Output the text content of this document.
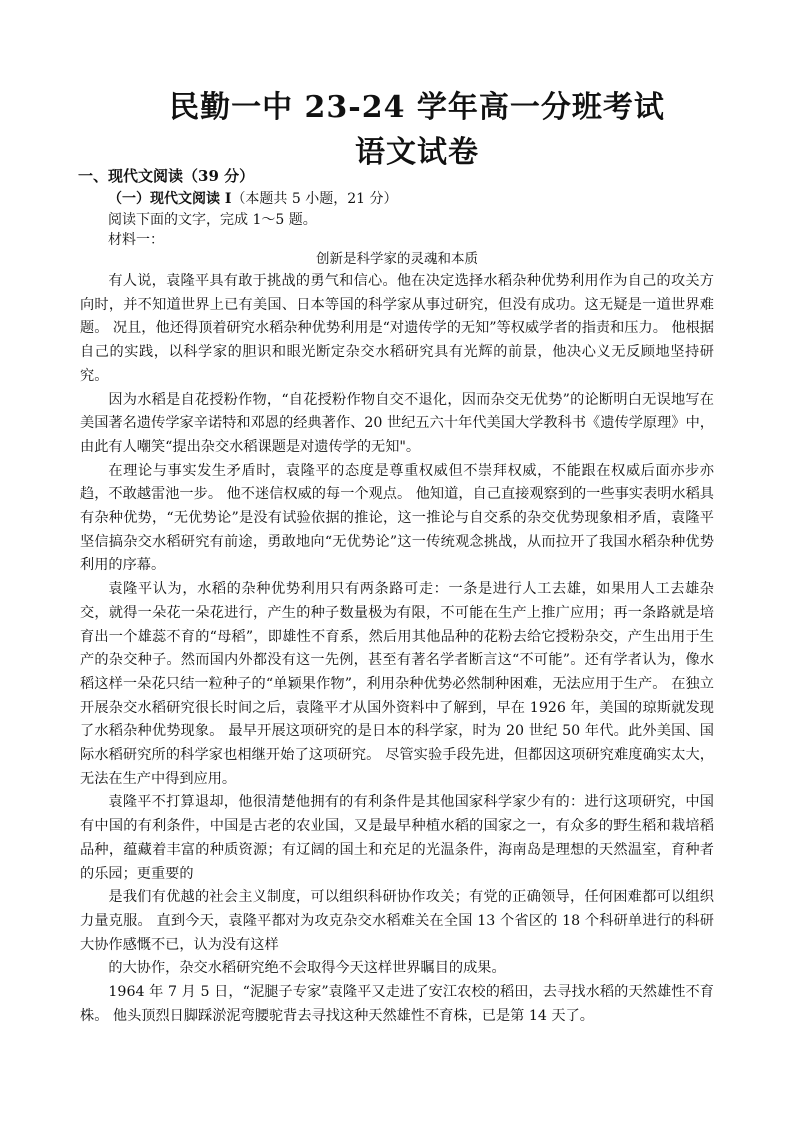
民勤一中 23-24 学年高一分班考试
语文试卷
一、现代文阅读（39 分）
（一）现代文阅读 I（本题共 5 小题，21 分）
阅读下面的文字，完成 1～5 题。
材料一：
创新是科学家的灵魂和本质

有人说，袁隆平具有敢于挑战的勇气和信心。他在决定选择水稻杂种优势利用作为自己的攻关方向时，并不知道世界上已有美国、日本等国的科学家从事过研究，但没有成功。这无疑是一道世界难题。 况且，他还得顶着研究水稻杂种优势利用是“对遗传学的无知”等权威学者的指责和压力。 他根据自己的实践，以科学家的胆识和眼光断定杂交水稻研究具有光辉的前景，他决心义无反顾地坚持研究。

因为水稻是自花授粉作物，“自花授粉作物自交不退化，因而杂交无优势”的论断明白无误地写在美国著名遗传学家辛诺特和邓恩的经典著作、20 世纪五六十年代美国大学教科书《遗传学原理》中，由此有人嘲笑“提出杂交水稻课题是对遗传学的无知"。

在理论与事实发生矛盾时，袁隆平的态度是尊重权威但不崇拜权威，不能跟在权威后面亦步亦趋，不敢越雷池一步。 他不迷信权威的每一个观点。 他知道，自己直接观察到的一些事实表明水稻具有杂种优势，“无优势论”是没有试验依据的推论，这一推论与自交系的杂交优势现象相矛盾，袁隆平坚信搞杂交水稻研究有前途，勇敢地向“无优势论”这一传统观念挑战，从而拉开了我国水稻杂种优势利用的序幕。

袁隆平认为，水稻的杂种优势利用只有两条路可走：一条是进行人工去雄，如果用人工去雄杂交，就得一朵花一朵花进行，产生的种子数量极为有限，不可能在生产上推广应用；再一条路就是培育出一个雄蕊不育的“母稻”，即雄性不育系，然后用其他品种的花粉去给它授粉杂交，产生出用于生产的杂交种子。然而国内外都没有这一先例，甚至有著名学者断言这“不可能”。还有学者认为，像水稻这样一朵花只结一粒种子的“单颖果作物”，利用杂种优势必然制种困难，无法应用于生产。 在独立开展杂交水稻研究很长时间之后，袁隆平才从国外资料中了解到，早在 1926 年，美国的琼斯就发现了水稻杂种优势现象。 最早开展这项研究的是日本的科学家，时为 20 世纪 50 年代。此外美国、国际水稻研究所的科学家也相继开始了这项研究。 尽管实验手段先进，但都因这项研究难度确实太大，无法在生产中得到应用。

袁隆平不打算退却，他很清楚他拥有的有利条件是其他国家科学家少有的：进行这项研究，中国有中国的有利条件，中国是古老的农业国，又是最早种植水稻的国家之一，有众多的野生稻和栽培稻品种，蕴藏着丰富的种质资源；有辽阔的国土和充足的光温条件，海南岛是理想的天然温室，育种者的乐园；更重要的

是我们有优越的社会主义制度，可以组织科研协作攻关；有党的正确领导，任何困难都可以组织力量克服。 直到今天，袁隆平都对为攻克杂交水稻难关在全国 13 个省区的 18 个科研单进行的科研大协作感慨不已，认为没有这样

的大协作，杂交水稻研究绝不会取得今天这样世界瞩目的成果。

1964 年 7 月 5 日，“泥腿子专家”袁隆平又走进了安江农校的稻田，去寻找水稻的天然雄性不育株。 他头顶烈日脚踩淤泥弯腰驼背去寻找这种天然雄性不育株，已是第 14 天了。
